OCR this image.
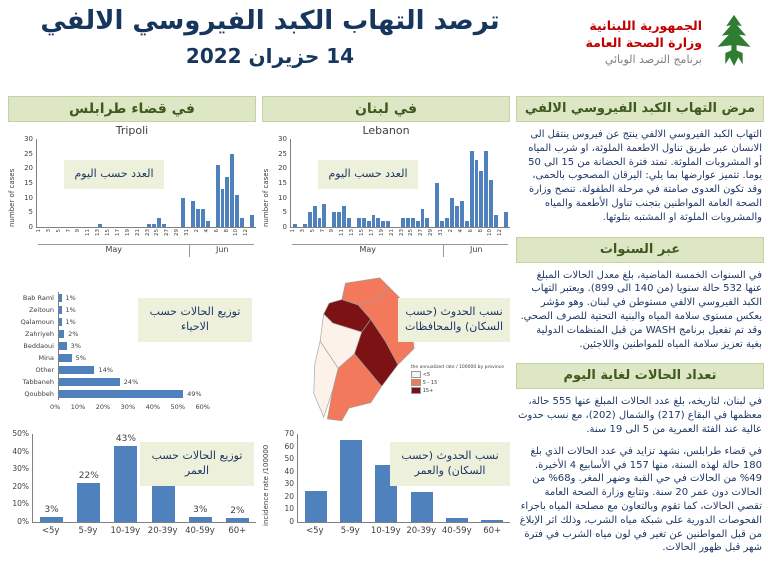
ترصد التهاب الكبد الفيروسي الالفي
14 حزيران 2022
الجمهورية اللبنانية
وزارة الصحة العامة
برنامج الترصد الوبائي
في قضاء طرابلس	في لبنان
Tripoli
number of cases	0
5
10
15
20
25
30
1 3 5 7 9 11 13 15 17 19 21 23 25 27 29 31 2 4 6 8 10 12
May	Jun
العدد حسب اليوم
Lebanon
number of cases	0
5
10
15
20
25
30
1 3 5 7 9 11 13 15 17 19 21 23 25 27 29 31 2 4 6 8 10 12
May	Jun
العدد حسب اليوم
Bab Raml	1%
Zeitoun	1%
Qalamoun	1%
Zahriyeh	2%
Beddaoui	3%
Mina	5%
Other	14%
Tabbaneh	24%
Qoubbeh	49%
0% 10% 20% 30% 40% 50% 60%
توزيع الحالات حسب الاحياء
0%
10%
20%
30%
40%
50%
3%
22%
43%
3%	2%
<5y	5-9y	10-19y 20-39y 40-59y	60+
توزيع الحالات حسب العمر
the annualized rate / 100000 by province
<5
5 - 15
15+
نسب الحدوث (حسب السكان) والمحافظات
incidence rate /100000	0
10
20
30
40
50
60
70
<5y	5-9y	10-19y 20-39y 40-59y	60+
نسب الحدوث (حسب السكان) والعمر
مرض التهاب الكبد الفيروسي الالفي

التهاب الكبد الفيروسي الالفي ينتج عن فيروس ينتقل الى الانسان عبر طريق تناول الاطعمة الملوثة، او شرب المياه أو المشروبات الملوثة. تمتد فترة الحضانة من 15 الى 50 يوما. تتميز عوارضها بما يلي: اليرقان المصحوب بالحمى، وقد تكون العدوى صامتة في مرحلة الطفولة. تنصح وزارة الصحة العامة المواطنين بتجنب تناول الأطعمة والمياه والمشروبات الملوثة او المشتبه بتلوثها.

عبر السنوات

في السنوات الخمسة الماضية، بلغ معدل الحالات المبلغ عنها 532 حالة سنويا (من 140 الى 899). ويعتبر التهاب الكبد الفيروسي الالفي مستوطن في لبنان. وهو مؤشر يعكس مستوى سلامة المياه والبنية التحتية للصرف الصحي. وقد تم تفعيل برنامج WASH من قبل المنظمات الدولية بغية تعزيز سلامة المياه للمواطنين واللاجئين.

تعداد الحالات لغاية اليوم

في لبنان، لتاريخه، بلغ عدد الحالات المبلغ عنها 555 حالة، معظمها في البقاع (217) والشمال (202)، مع نسب حدوث عالية عند الفئة العمرية من 5 الى 19 سنة.

في قضاء طرابلس، نشهد تزايد في عدد الحالات الذي بلغ 180 حالة لهذه السنة، منها 157 في الأسابيع 4 الأخيرة. 49% من الحالات في حي القبة وضهر المغر. و68% من الحالات دون عمر 20 سنة. وتتابع وزارة الصحة العامة تقصي الحالات، كما تقوم وبالتعاون مع مصلحة المياه باجراء الفحوصات الدورية على شبكة مياه الشرب، وذلك اثر الإبلاغ من قبل المواطنين عن تغير في لون مياه الشرب في فترة شهر قبل ظهور الحالات.
